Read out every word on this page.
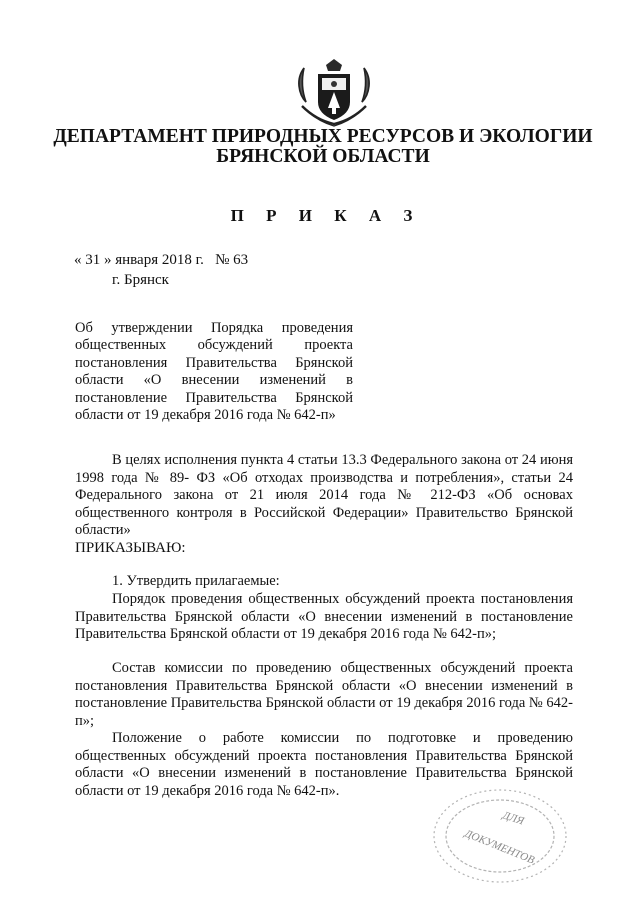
ДЕПАРТАМЕНТ ПРИРОДНЫХ РЕСУРСОВ И ЭКОЛОГИИ
БРЯНСКОЙ ОБЛАСТИ
П Р И К А З
« 31 » января 2018 г.   № 63
г. Брянск
Об утверждении Порядка проведения
общественных обсуждений проекта
постановления Правительства Брянской
области «О внесении изменений в
постановление Правительства Брянской
области от 19 декабря 2016 года № 642-п»
В целях исполнения пункта 4 статьи 13.3 Федерального закона от 24 июня 1998 года № 89- ФЗ «Об отходах производства и потребления», статьи 24 Федерального закона от 21 июля 2014 года № 212-ФЗ «Об основах общественного контроля в Российской Федерации» Правительство Брянской области»
ПРИКАЗЫВАЮ:
1. Утвердить прилагаемые:
Порядок проведения общественных обсуждений проекта постановления Правительства Брянской области «О внесении изменений в постановление Правительства Брянской области от 19 декабря 2016 года № 642-п»;
Состав комиссии по проведению общественных обсуждений проекта постановления Правительства Брянской области «О внесении изменений в постановление Правительства Брянской области от 19 декабря 2016 года № 642-п»;
Положение о работе комиссии по подготовке и проведению общественных обсуждений проекта постановления Правительства Брянской области «О внесении изменений в постановление Правительства Брянской области от 19 декабря 2016 года № 642-п».
ДЛЯ
ДОКУМЕНТОВ
